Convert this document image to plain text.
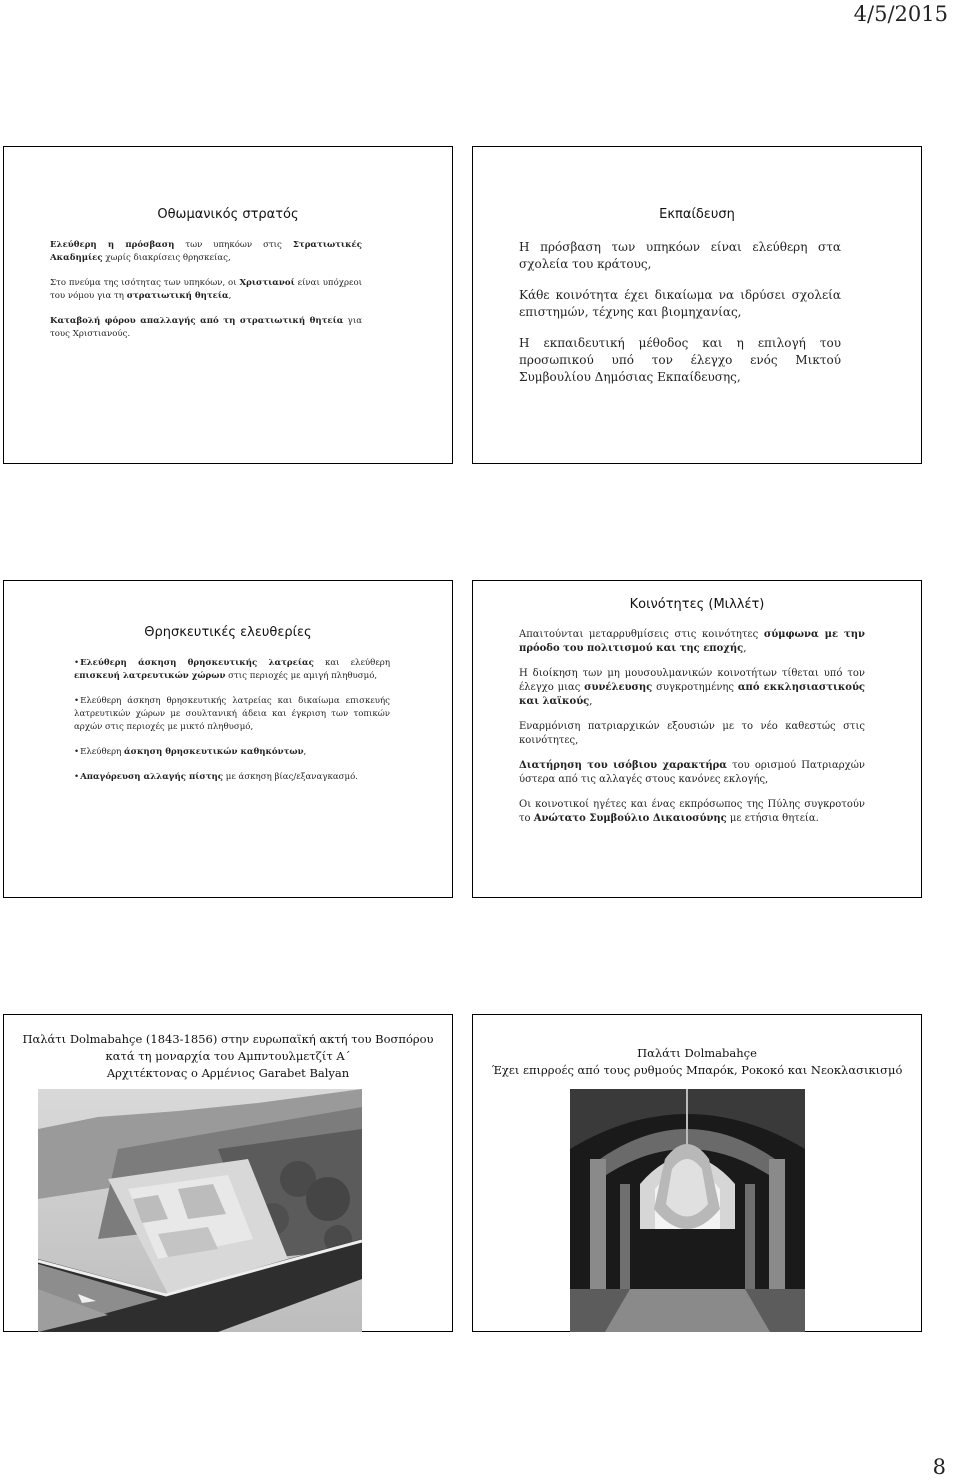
4/5/2015
Οθωμανικός στρατός

Ελεύθερη η πρόσβαση των υπηκόων στις Στρατιωτικές Ακαδημίες χωρίς διακρίσεις θρησκείας,

Στο πνεύμα της ισότητας των υπηκόων, οι Χριστιανοί είναι υπόχρεοι του νόμου για τη στρατιωτική θητεία,

Καταβολή φόρου απαλλαγής από τη στρατιωτική θητεία για τους Χριστιανούς.

Εκπαίδευση

Η πρόσβαση των υπηκόων είναι ελεύθερη στα σχολεία του κράτους,

Κάθε κοινότητα έχει δικαίωμα να ιδρύσει σχολεία επιστημών, τέχνης και βιομηχανίας,

Η εκπαιδευτική μέθοδος και η επιλογή του προσωπικού υπό τον έλεγχο ενός Μικτού Συμβουλίου Δημόσιας Εκπαίδευσης,

Θρησκευτικές ελευθερίες

• Ελεύθερη άσκηση θρησκευτικής λατρείας και ελεύθερη επισκευή λατρευτικών χώρων στις περιοχές με αμιγή πληθυσμό,

• Ελεύθερη άσκηση θρησκευτικής λατρείας και δικαίωμα επισκευής λατρευτικών χώρων με σουλτανική άδεια και έγκριση των τοπικών αρχών στις περιοχές με μικτό πληθυσμό,

• Ελεύθερη άσκηση θρησκευτικών καθηκόντων,

• Απαγόρευση αλλαγής πίστης με άσκηση βίας/εξαναγκασμό.

Κοινότητες (Μιλλέτ)

Απαιτούνται μεταρρυθμίσεις στις κοινότητες σύμφωνα με την πρόοδο του πολιτισμού και της εποχής,

Η διοίκηση των μη μουσουλμανικών κοινοτήτων τίθεται υπό τον έλεγχο μιας συνέλευσης συγκροτημένης από εκκλησιαστικούς και λαϊκούς,

Εναρμόνιση πατριαρχικών εξουσιών με το νέο καθεστώς στις κοινότητες,

Διατήρηση του ισόβιου χαρακτήρα του ορισμού Πατριαρχών ύστερα από τις αλλαγές στους κανόνες εκλογής,

Οι κοινοτικοί ηγέτες και ένας εκπρόσωπος της Πύλης συγκροτούν το Ανώτατο Συμβούλιο Δικαιοσύνης με ετήσια θητεία.

Παλάτι Dolmabahçe (1843-1856) στην ευρωπαϊκή ακτή του Βοσπόρου
κατά τη μοναρχία του Αμπντουλμετζίτ Α΄
Αρχιτέκτονας ο Αρμένιος Garabet Balyan
Παλάτι Dolmabahçe
Έχει επιρροές από τους ρυθμούς Μπαρόκ, Ροκοκό και Νεοκλασικισμό
8
